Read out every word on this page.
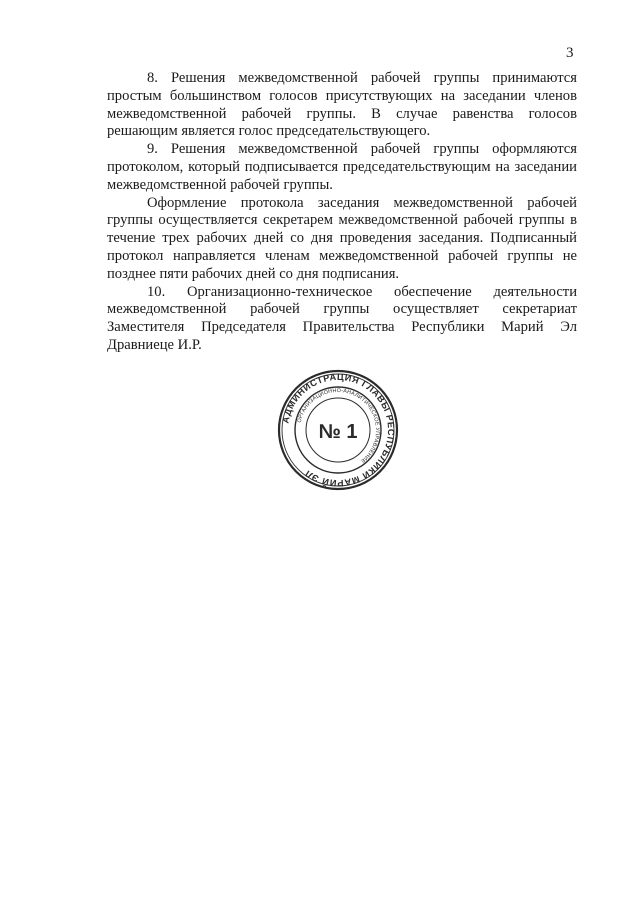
3

8. Решения межведомственной рабочей группы принимаются простым большинством голосов присутствующих на заседании членов межведомственной рабочей группы. В случае равенства голосов решающим является голос председательствующего.

9. Решения межведомственной рабочей группы оформляются протоколом, который подписывается председательствующим на заседании межведомственной рабочей группы.

Оформление протокола заседания межведомственной рабочей группы осуществляется секретарем межведомственной рабочей группы в течение трех рабочих дней со дня проведения заседания. Подписанный протокол направляется членам межведомственной рабочей группы не позднее пяти рабочих дней со дня подписания.

10. Организационно-техническое обеспечение деятельности межведомственной рабочей группы осуществляет секретариат Заместителя Председателя Правительства Республики Марий Эл Дравниеце И.Р.

АДМИНИСТРАЦИЯ ГЛАВЫ РЕСПУБЛИКИ МАРИЙ ЭЛ
ОРГАНИЗАЦИОННО-АНАЛИТИЧЕСКОЕ УПРАВЛЕНИЕ
№ 1
